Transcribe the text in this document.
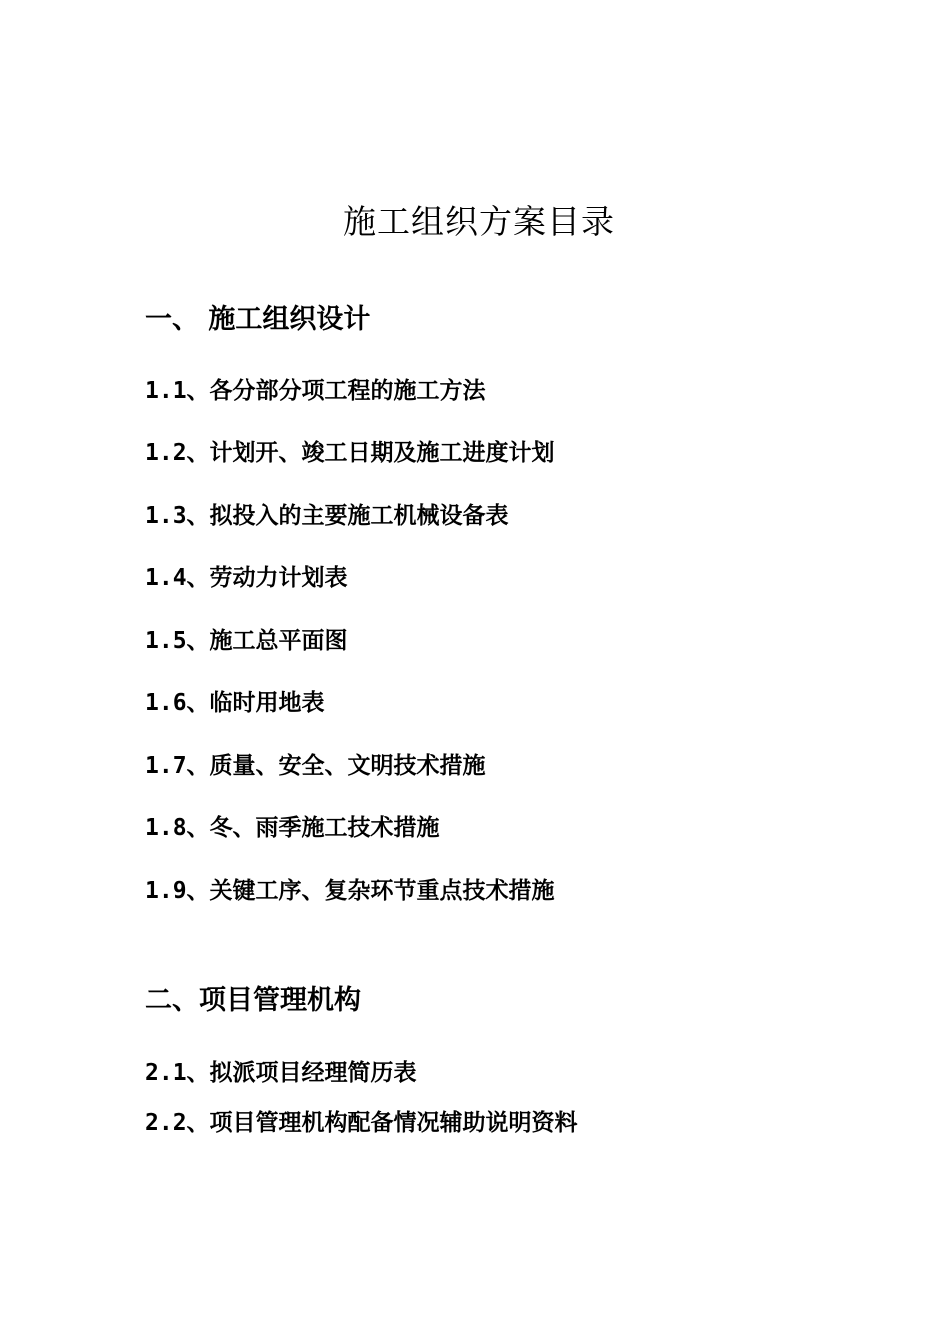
施工组织方案目录
一、 施工组织设计
1.1、各分部分项工程的施工方法
1.2、计划开、竣工日期及施工进度计划
1.3、拟投入的主要施工机械设备表
1.4、劳动力计划表
1.5、施工总平面图
1.6、临时用地表
1.7、质量、安全、文明技术措施
1.8、冬、雨季施工技术措施
1.9、关键工序、复杂环节重点技术措施
二、项目管理机构
2.1、拟派项目经理简历表
2.2、项目管理机构配备情况辅助说明资料
